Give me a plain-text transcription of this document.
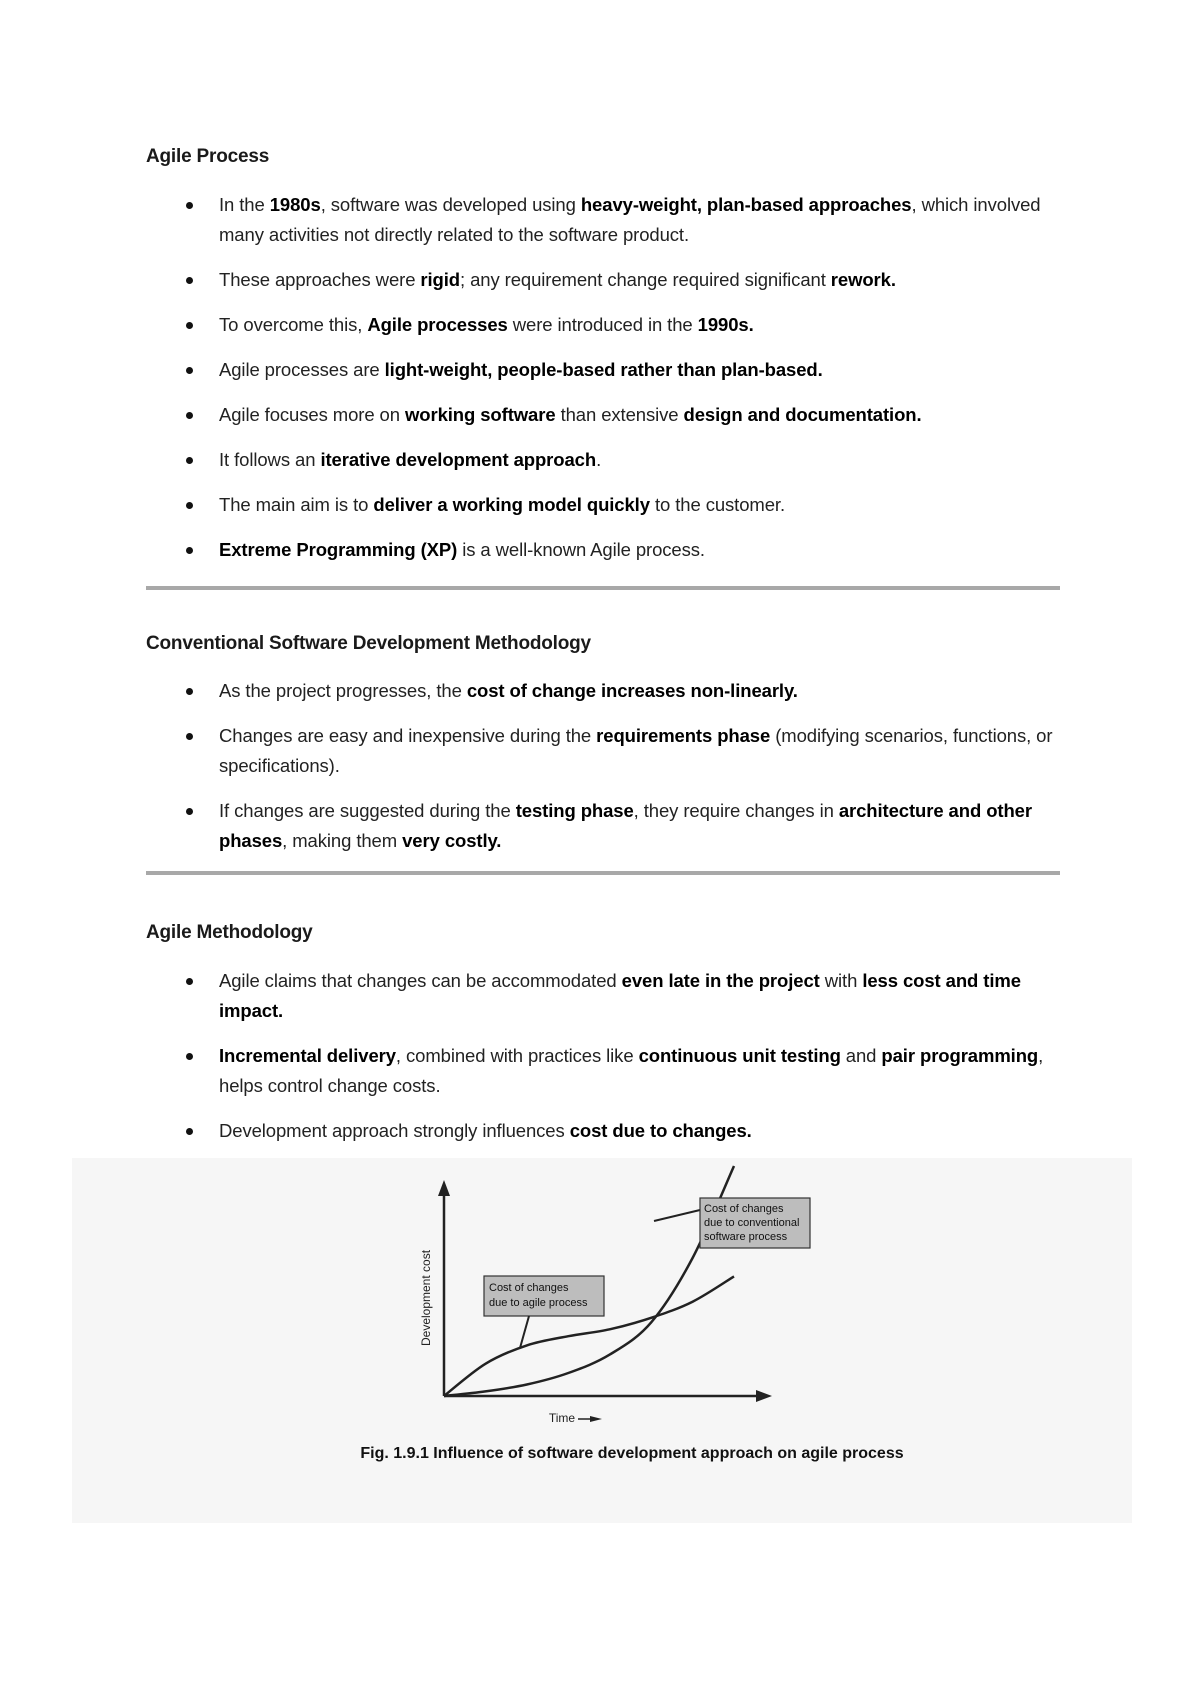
Agile Process
In the 1980s, software was developed using heavy-weight, plan-based approaches, which involved many activities not directly related to the software product.
These approaches were rigid; any requirement change required significant rework.
To overcome this, Agile processes were introduced in the 1990s.
Agile processes are light-weight, people-based rather than plan-based.
Agile focuses more on working software than extensive design and documentation.
It follows an iterative development approach.
The main aim is to deliver a working model quickly to the customer.
Extreme Programming (XP) is a well-known Agile process.
Conventional Software Development Methodology
As the project progresses, the cost of change increases non-linearly.
Changes are easy and inexpensive during the requirements phase (modifying scenarios, functions, or specifications).
If changes are suggested during the testing phase, they require changes in architecture and other phases, making them very costly.
Agile Methodology
Agile claims that changes can be accommodated even late in the project with less cost and time impact.
Incremental delivery, combined with practices like continuous unit testing and pair programming, helps control change costs.
Development approach strongly influences cost due to changes.
Development cost
Time
Cost of changes
due to conventional
software process
Cost of changes
due to agile process
Fig. 1.9.1 Influence of software development approach on agile process
